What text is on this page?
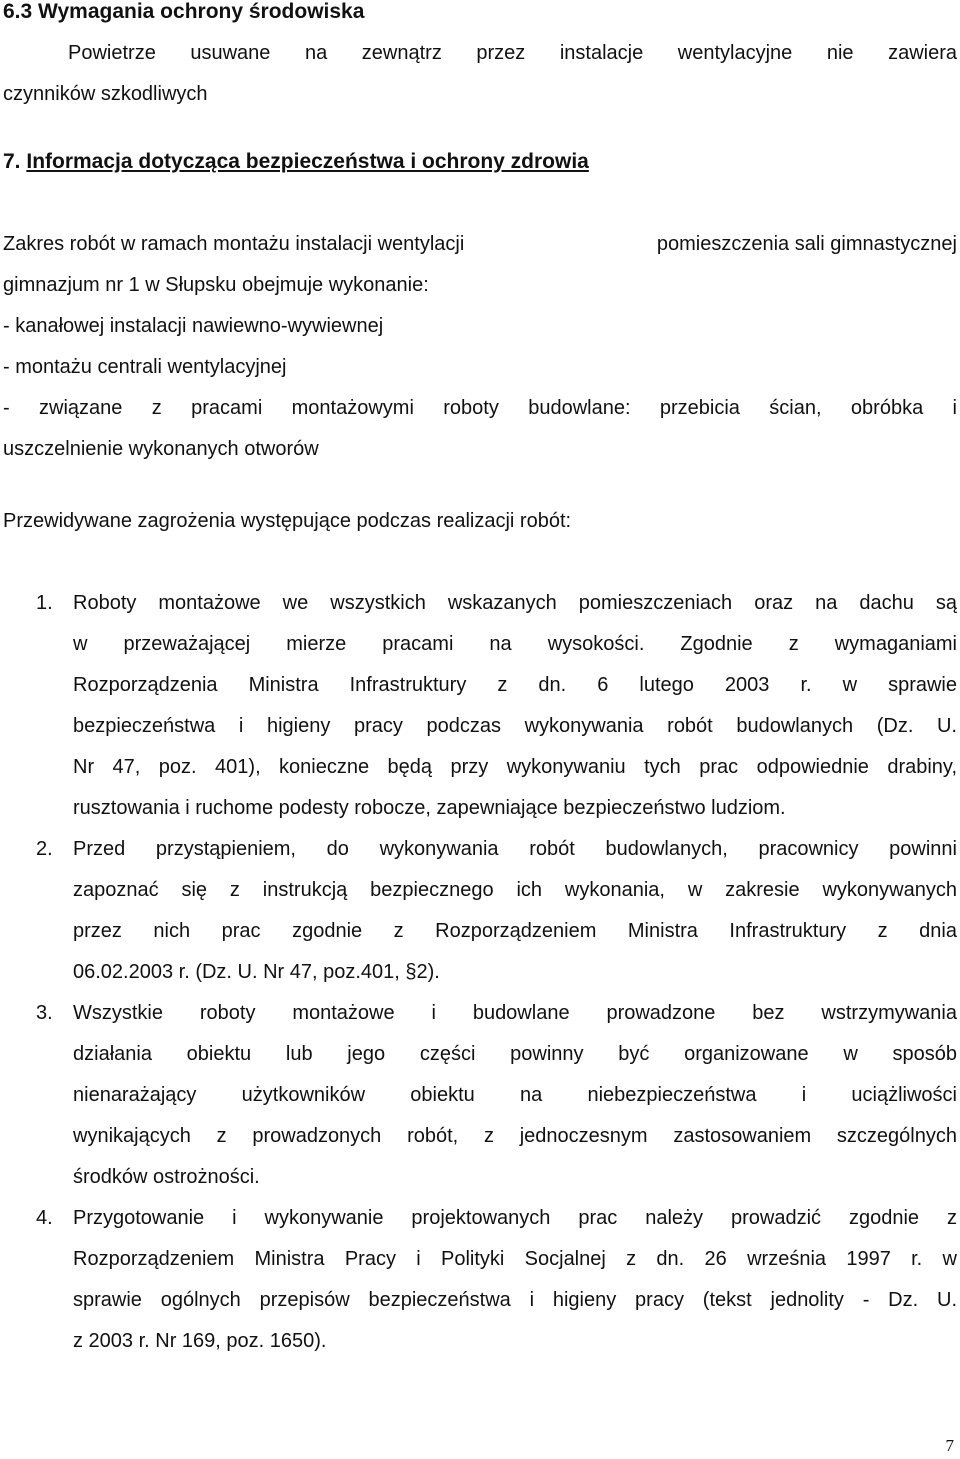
6.3 Wymagania ochrony środowiska
Powietrze usuwane na zewnątrz przez instalacje wentylacyjne nie zawiera
czynników szkodliwych
7. Informacja dotycząca bezpieczeństwa i ochrony zdrowia
Zakres robót w ramach montażu instalacji wentylacji	pomieszczenia sali gimnastycznej
gimnazjum nr 1 w Słupsku obejmuje wykonanie:
- kanałowej instalacji nawiewno-wywiewnej
- montażu centrali wentylacyjnej
- związane z pracami montażowymi roboty budowlane: przebicia ścian, obróbka i
uszczelnienie wykonanych otworów
Przewidywane zagrożenia występujące podczas realizacji robót:
1. Roboty montażowe we wszystkich wskazanych pomieszczeniach oraz na dachu są
w przeważającej mierze pracami na wysokości. Zgodnie z wymaganiami
Rozporządzenia Ministra Infrastruktury z dn. 6 lutego 2003 r. w sprawie
bezpieczeństwa i higieny pracy podczas wykonywania robót budowlanych (Dz. U.
Nr 47, poz. 401), konieczne będą przy wykonywaniu tych prac odpowiednie drabiny,
rusztowania i ruchome podesty robocze, zapewniające bezpieczeństwo ludziom.
2. Przed przystąpieniem, do wykonywania robót budowlanych, pracownicy powinni
zapoznać się z instrukcją bezpiecznego ich wykonania, w zakresie wykonywanych
przez nich prac zgodnie z Rozporządzeniem Ministra Infrastruktury z dnia
06.02.2003 r. (Dz. U. Nr 47, poz.401, §2).
3. Wszystkie roboty montażowe i budowlane prowadzone bez wstrzymywania
działania obiektu lub jego części powinny być organizowane w sposób
nienarażający użytkowników obiektu na niebezpieczeństwa i uciążliwości
wynikających z prowadzonych robót, z jednoczesnym zastosowaniem szczególnych
środków ostrożności.
4. Przygotowanie i wykonywanie projektowanych prac należy prowadzić zgodnie z
Rozporządzeniem Ministra Pracy i Polityki Socjalnej z dn. 26 września 1997 r. w
sprawie ogólnych przepisów bezpieczeństwa i higieny pracy (tekst jednolity - Dz. U.
z 2003 r. Nr 169, poz. 1650).
7
